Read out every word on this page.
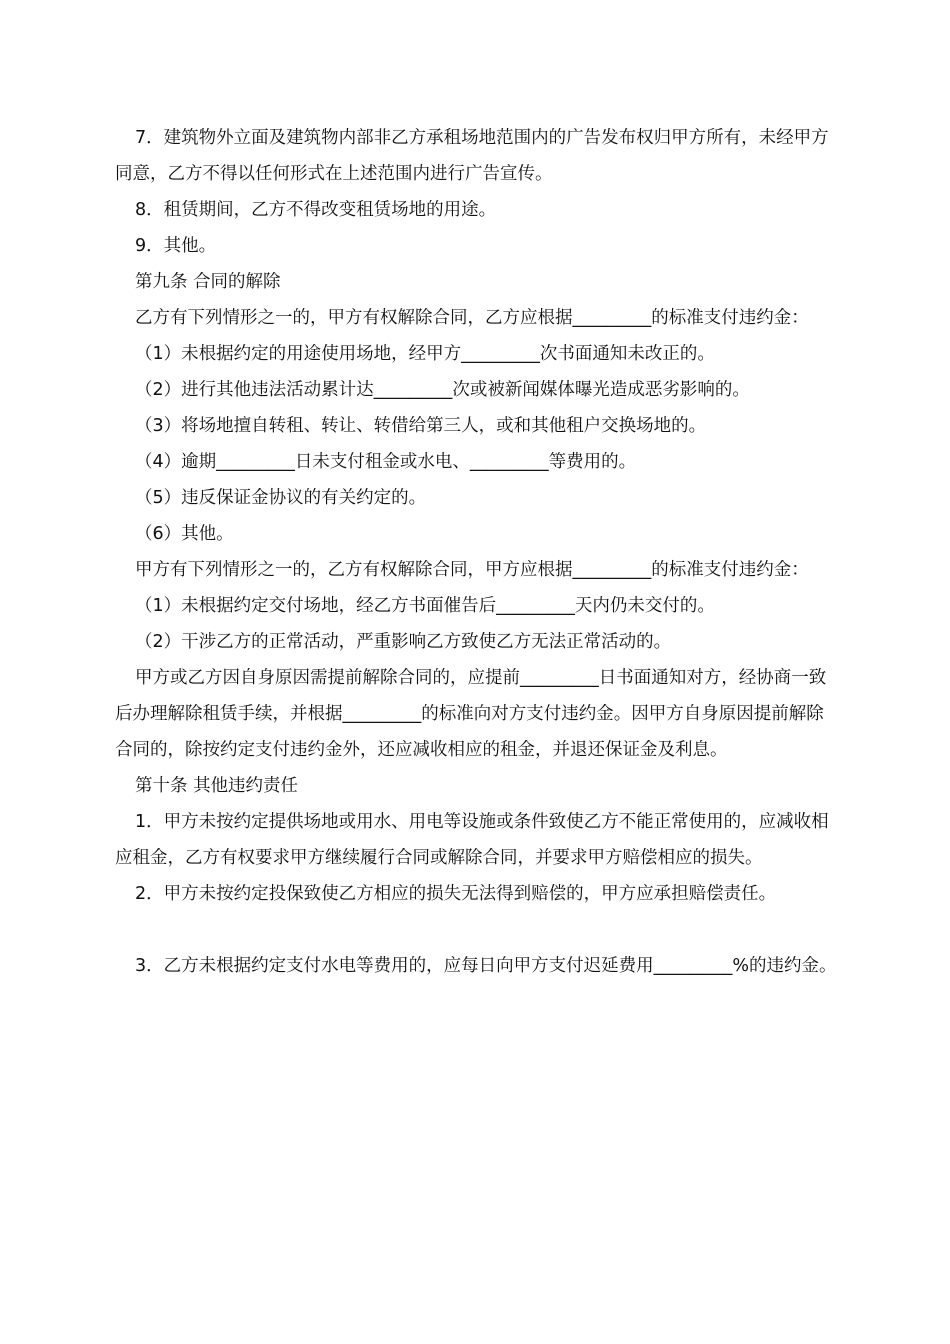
7．建筑物外立面及建筑物内部非乙方承租场地范围内的广告发布权归甲方所有，未经甲方同意，乙方不得以任何形式在上述范围内进行广告宣传。

8．租赁期间，乙方不得改变租赁场地的用途。

9．其他。

第九条 合同的解除

乙方有下列情形之一的，甲方有权解除合同，乙方应根据_________的标准支付违约金：

（1）未根据约定的用途使用场地，经甲方_________次书面通知未改正的。

（2）进行其他违法活动累计达_________次或被新闻媒体曝光造成恶劣影响的。

（3）将场地擅自转租、转让、转借给第三人，或和其他租户交换场地的。

（4）逾期_________日未支付租金或水电、_________等费用的。

（5）违反保证金协议的有关约定的。

（6）其他。

甲方有下列情形之一的，乙方有权解除合同，甲方应根据_________的标准支付违约金：

（1）未根据约定交付场地，经乙方书面催告后_________天内仍未交付的。

（2）干涉乙方的正常活动，严重影响乙方致使乙方无法正常活动的。

甲方或乙方因自身原因需提前解除合同的，应提前_________日书面通知对方，经协商一致后办理解除租赁手续，并根据_________的标准向对方支付违约金。因甲方自身原因提前解除合同的，除按约定支付违约金外，还应减收相应的租金，并退还保证金及利息。

第十条 其他违约责任

1．甲方未按约定提供场地或用水、用电等设施或条件致使乙方不能正常使用的，应减收相应租金，乙方有权要求甲方继续履行合同或解除合同，并要求甲方赔偿相应的损失。

2．甲方未按约定投保致使乙方相应的损失无法得到赔偿的，甲方应承担赔偿责任。

3．乙方未根据约定支付水电等费用的，应每日向甲方支付迟延费用_________%的违约金。
